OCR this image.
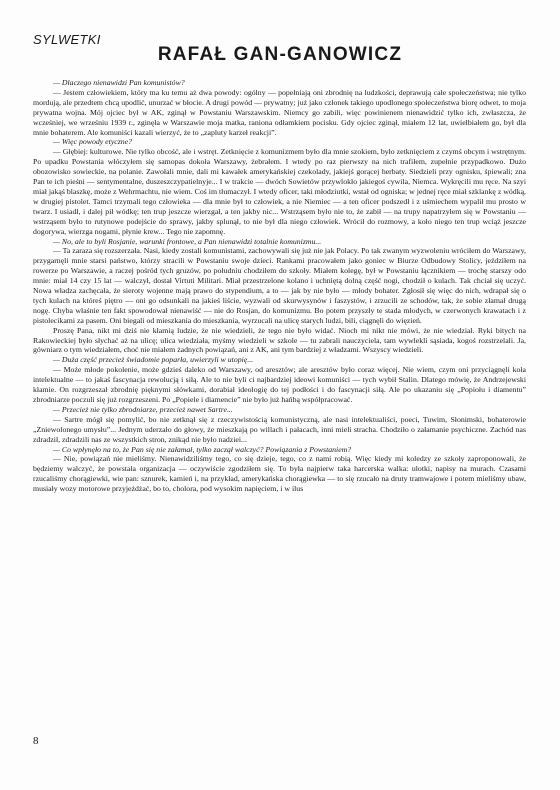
SYLWETKI
RAFAŁ GAN-GANOWICZ

— Dlaczego nienawidzi Pan komunistów?

— Jestem człowiekiem, który ma ku temu aż dwa powody: ogólny — popełniają oni zbrodnię na ludzkości, deprawują całe społeczeństwa; nie tylko mordują, ale przedtem chcą upodlić, unurzać w błocie. A drugi powód — prywatny; już jako członek takiego upodlonego społeczeństwa biorę odwet, to moja prywatna wojna. Mój ojciec był w AK, zginął w Powstaniu Warszawskim. Niemcy go zabili, więc powinienem nienawidzić tylko ich, zwłaszcza, że wcześniej, we wrześniu 1939 r., zginęła w Warszawie moja matka, raniona odłamkiem pocisku. Gdy ojciec zginął, miałem 12 lat, uwielbiałem go, był dla mnie bohaterem. Ale komuniści kazali wierzyć, że to „zapluty karzeł reakcji”.

— Więc powody etyczne?

— Głębiej: kulturowe. Nie tylko obcość, ale i wstręt. Zetknięcie z komunizmem było dla mnie szokiem, było zetknięciem z czymś obcym i wstrętnym. Po upadku Powstania włóczyłem się samopas dokoła Warszawy, żebrałem. I wtedy po raz pierwszy na nich trafiłem, zupełnie przypadkowo. Dużo obozowisko sowieckie, na polanie. Zawołali mnie, dali mi kawałek amerykańskiej czekolady, jakiejś gorącej herbaty. Siedzieli przy ognisku, śpiewali; zna Pan te ich pieśni — sentymentalne, duszeszczypatielnyje... I w trakcie — dwóch Sowietów przywlokło jakiegoś cywila, Niemca. Wykręcili mu ręce. Na szyi miał jakąś blaszkę, może z Wehrmachtu, nie wiem. Coś im tłumaczył. I wtedy oficer, taki młodziutki, wstał od ogniska; w jednej ręce miał szklankę z wódką, w drugiej pistolet. Tamci trzymali tego człowieka — dla mnie był to człowiek, a nie Niemiec — a ten oficer podszedł i z uśmiechem wypalił mu prosto w twarz. I usiadł, i dalej pił wódkę; ten trup jeszcze wierzgał, a ten jakby nic... Wstrząsem było nie to, że zabił — na trupy napatrzyłem się w Powstaniu — wstrząsem było to rutynowe podejście do sprawy, jakby splunął, to nie był dla niego człowiek. Wrócił do rozmowy, a koło niego ten trup wciąż jeszcze dogorywa, wierzga nogami, płynie krew... Tego nie zapomnę.

— No, ale to byli Rosjanie, warunki frontowe, a Pan nienawidzi totalnie komunizmu...

— Ta zaraza się rozszerzała. Nasi, kiedy zostali komunistami, zachowywali się już nie jak Polacy. Po tak zwanym wyzwoleniu wróciłem do Warszawy, przygarnęli mnie starsi państwo, którzy stracili w Powstaniu swoje dzieci. Rankami pracowałem jako goniec w Biurze Odbudowy Stolicy, jeździłem na rowerze po Warszawie, a raczej pośród tych gruzów, po południu chodziłem do szkoły. Miałem kolegę, był w Powstaniu łącznikiem — trochę starszy odo mnie: miał 14 czy 15 lat — walczył, dostał Virtuti Militari. Miał przestrzelone kolano i uchniętą dolną część nogi, chodził o kulach. Tak chciał się uczyć. Nowa władza zachęcała, że sieroty wojenne mają prawo do stypendium, a to — jak by nie było — młody bohater. Zgłosił się więc do nich, wdrapał się o tych kulach na któreś piętro — oni go odsunkali na jakieś liście, wyzwali od skurwysynów i faszystów, i zrzucili ze schodów, tak, że sobie złamał drugą nogę. Chyba właśnie ten fakt spowodował nienawiść — nie do Rosjan, do komunizmu. Bo potem przyszły te stada młodych, w czerwonych krawatach i z pistolecikami za pasem. Oni biegali od mieszkania do mieszkania, wyrzucali na ulicę starych ludzi, bili, ciągnęli do więzień.

Proszę Pana, nikt mi dziś nie kłamią ludzie, że nie wiedzieli, że tego nie było widać. Nioch mi nikt nie mówi, że nie wiedział. Ryki bitych na Rakowieckiej było słychać aż na ulicę; ulica wiedziała, myśmy wiedzieli w szkole — tu zabrali nauczyciela, tam wywlekli sąsiada, kogoś rozstrzelali. Ja, gówniarz o tym wiedziałem, choć nie miałem żadnych powiązań, ani z AK, ani tym bardziej z władzami. Wszyscy wiedzieli.

— Duża część przecież świadomie poparła, uwierzyli w utopię...

— Może młode pokolenie, może gdzieś daleko od Warszawy, od aresztów; ale aresztów było coraz więcej. Nie wiem, czym oni przyciągnęli koła intelektualne — to jakaś fascynacja rewolucją i siłą. Ale to nie byli ci najbardziej ideowi komuniści — tych wybił Stalin. Dlatego mówię, że Andrzejewski kłamie. On rozgrzeszał zbrodnię pięknymi słówkami, dorabiał ideologię do tej podłości i do fascynacji siłą. Ale po ukazaniu się „Popiołu i diamentu” zbrodniarze poczuli się już rozgrzeszeni. Po „Popiele i diamencie” nie było już hańbą współpracować.

— Przecież nie tylko zbrodniarze, przecież nawet Sartre...

— Sartre mógł się pomylić, bo nie zetknął się z rzeczywistością komunistyczną, ale nasi intelektualiści, poeci, Tuwim, Słonimski, bohaterowie „Zniewolonego umysłu”... Jednym uderzało do głowy, że mieszkają po willach i pałacach, inni mieli stracha. Chodziło o załamanie psychiczne. Zachód nas zdradził, zdradzili nas ze wszystkich stron, znikąd nie było nadziei...

— Co wpłynęło na to, że Pan się nie załamał, tylko zaczął walczyć? Powiązania z Powstaniem?

— Nie, powiązań nie mieliśmy. Nienawidziliśmy tego, co się dzieje, tego, co z nami robią. Więc kiedy mi koledzy ze szkoły zaproponowali, że będziemy walczyć, że powstała organizacja — oczywiście zgodziłem się. To była najpierw taka harcerska walka: ulotki, napisy na murach. Czasami rzucaliśmy chorągiewki, wie pan: sznurek, kamień i, na przykład, amerykańska chorągiewka — to się rzucało na druty tramwajowe i potem mieliśmy ubaw, musiały wozy motorowe przyjeżdżać, bo to, cholora, pod wysokim napięciem, i w ilus

8
